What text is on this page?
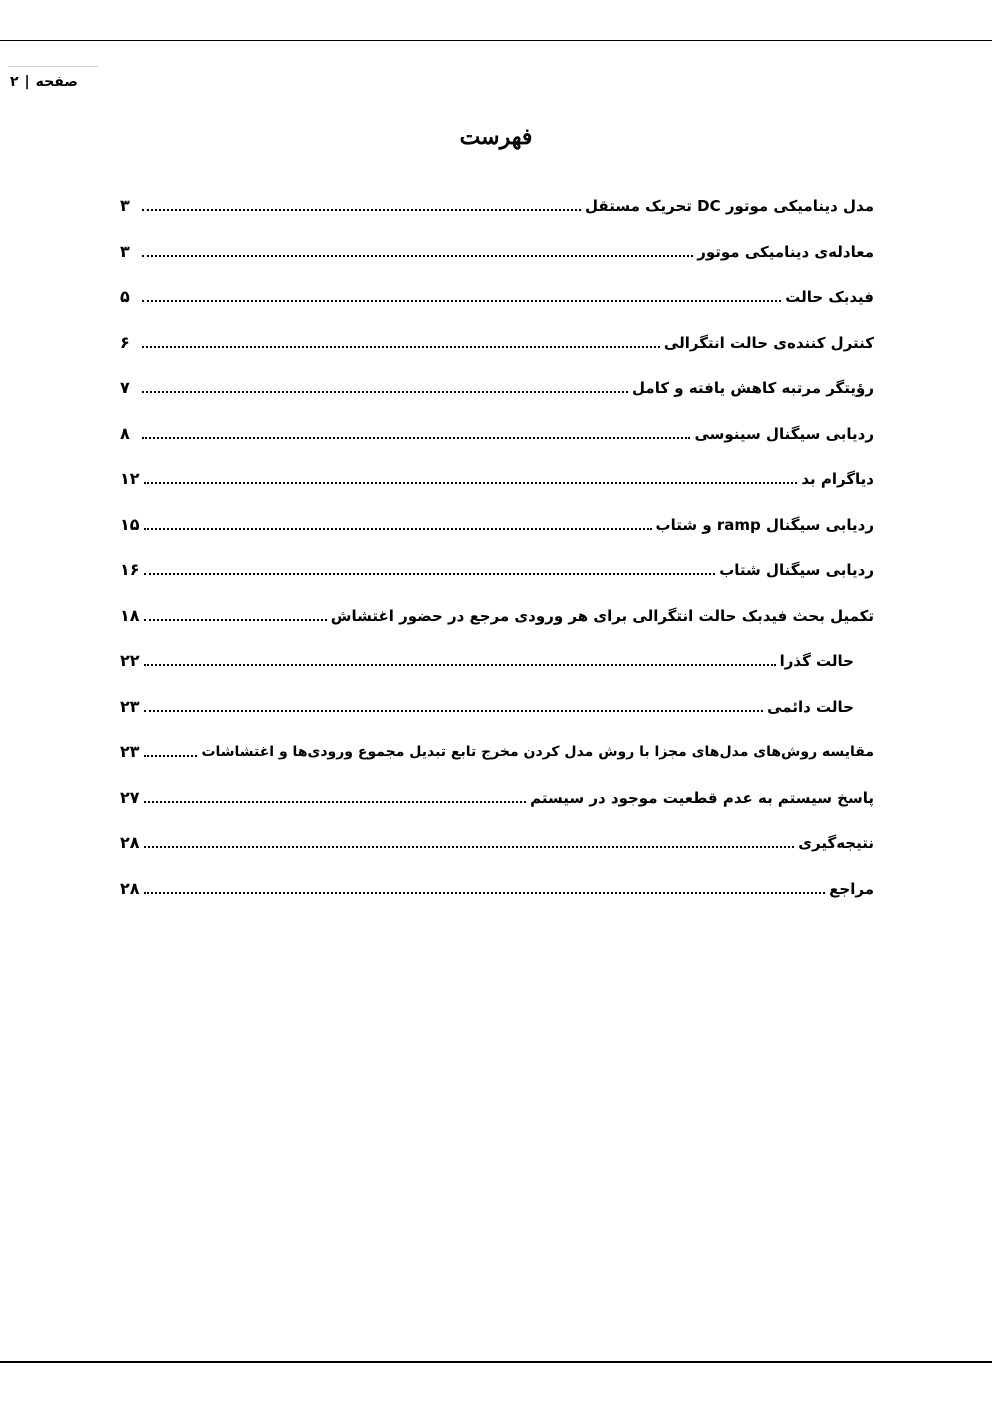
صفحه
|
۲
فهرست
مدل دینامیکی موتور DC تحریک مستقل
۳
معادله‌ی دینامیکی موتور
۳
فیدبک حالت
۵
کنترل کننده‌ی حالت انتگرالی
۶
رؤیتگر مرتبه کاهش یافته و کامل
۷
ردیابی سیگنال سینوسی
۸
دیاگرام بد
۱۲
ردیابی سیگنال ramp و شتاب
۱۵
ردیابی سیگنال شتاب
۱۶
تکمیل بحث فیدبک حالت انتگرالی برای هر ورودی مرجع در حضور اغتشاش
۱۸
حالت گذرا
۲۲
حالت دائمی
۲۳
مقایسه روش‌های مدل‌های مجزا با روش مدل کردن مخرج تابع تبدیل مجموع ورودی‌ها و اغتشاشات
۲۳
پاسخ سیستم به عدم قطعیت موجود در سیستم
۲۷
نتیجه‌گیری
۲۸
مراجع
۲۸
